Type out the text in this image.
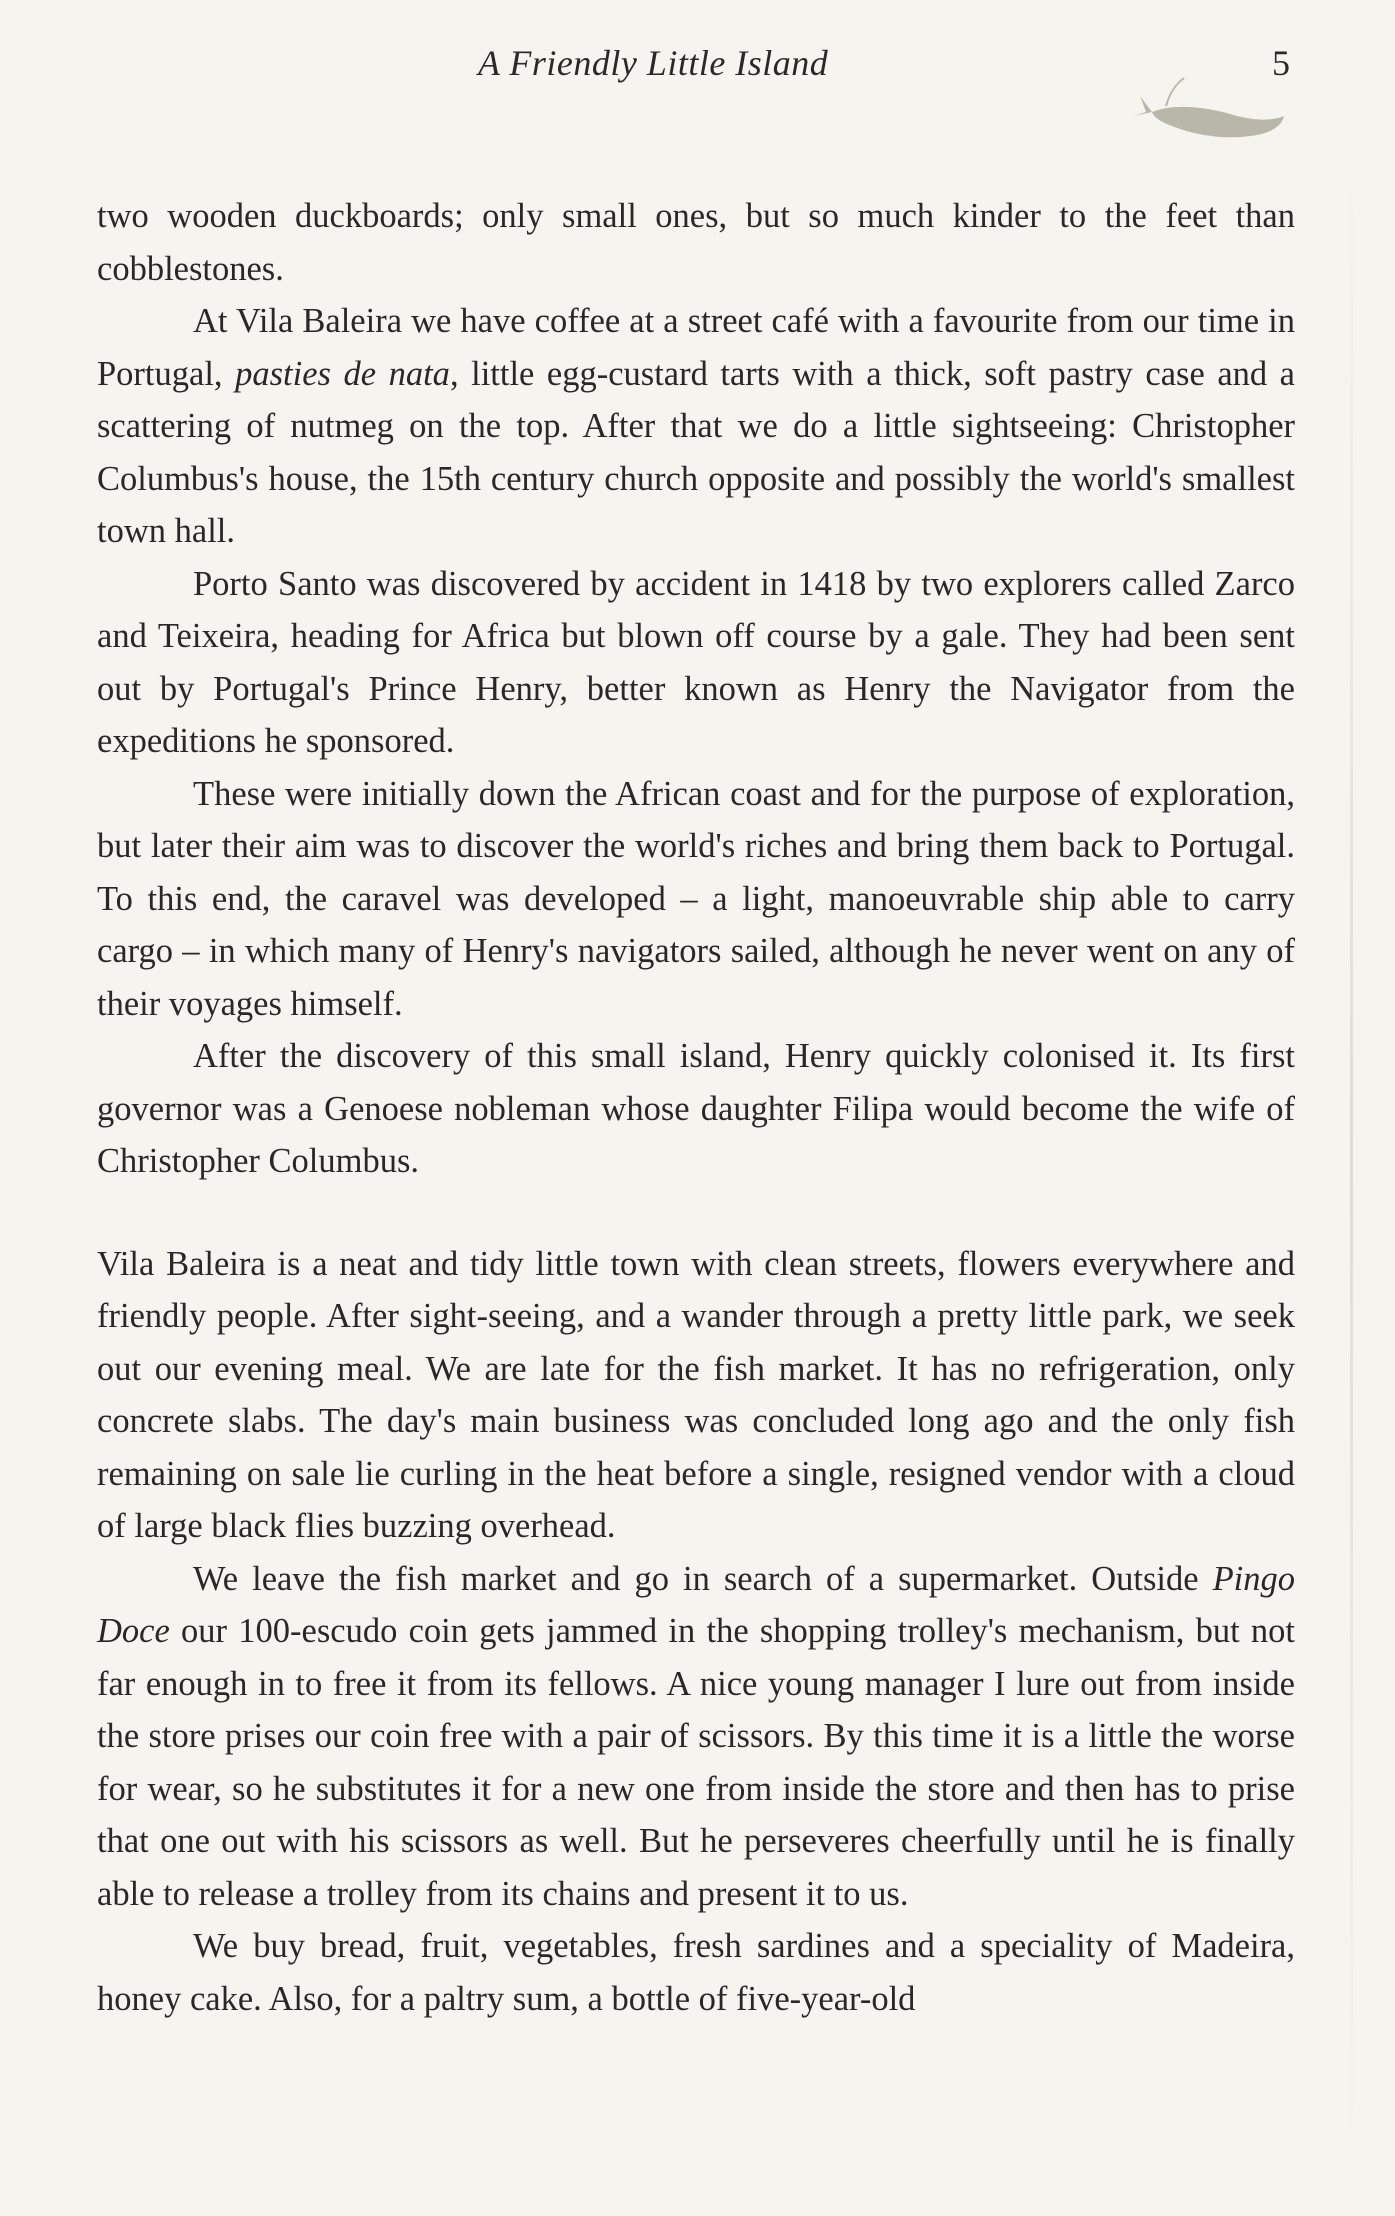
A Friendly Little Island	5

two wooden duckboards; only small ones, but so much kinder to the feet than cobblestones.

At Vila Baleira we have coffee at a street café with a favourite from our time in Portugal, pasties de nata, little egg-custard tarts with a thick, soft pastry case and a scattering of nutmeg on the top. After that we do a little sightseeing: Christopher Columbus's house, the 15th century church opposite and possibly the world's smallest town hall.

Porto Santo was discovered by accident in 1418 by two explorers called Zarco and Teixeira, heading for Africa but blown off course by a gale. They had been sent out by Portugal's Prince Henry, better known as Henry the Navigator from the expeditions he sponsored.

These were initially down the African coast and for the purpose of exploration, but later their aim was to discover the world's riches and bring them back to Portugal. To this end, the caravel was developed – a light, manoeuvrable ship able to carry cargo – in which many of Henry's navigators sailed, although he never went on any of their voyages himself.

After the discovery of this small island, Henry quickly colonised it. Its first governor was a Genoese nobleman whose daughter Filipa would become the wife of Christopher Columbus.

Vila Baleira is a neat and tidy little town with clean streets, flowers everywhere and friendly people. After sight-seeing, and a wander through a pretty little park, we seek out our evening meal. We are late for the fish market. It has no refrigeration, only concrete slabs. The day's main business was concluded long ago and the only fish remaining on sale lie curling in the heat before a single, resigned vendor with a cloud of large black flies buzzing overhead.

We leave the fish market and go in search of a supermarket. Outside Pingo Doce our 100-escudo coin gets jammed in the shopping trolley's mechanism, but not far enough in to free it from its fellows. A nice young manager I lure out from inside the store prises our coin free with a pair of scissors. By this time it is a little the worse for wear, so he substitutes it for a new one from inside the store and then has to prise that one out with his scissors as well. But he perseveres cheerfully until he is finally able to release a trolley from its chains and present it to us.

We buy bread, fruit, vegetables, fresh sardines and a speciality of Madeira, honey cake. Also, for a paltry sum, a bottle of five-year-old
